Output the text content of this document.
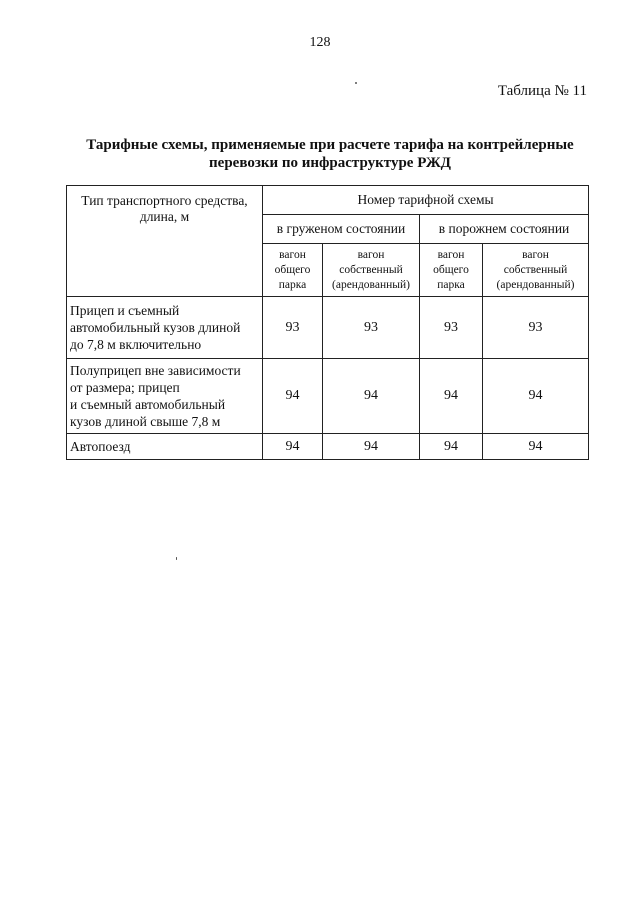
128
Таблица № 11
Тарифные схемы, применяемые при расчете тарифа на контрейлерные перевозки по инфраструктуре РЖД
Тип транспортного средства, длина, м	Номер тарифной схемы			
	в груженом состоянии		в порожнем состоянии	
	вагон
общего
парка	вагон
собственный
(арендованный)	вагон
общего
парка	вагон
собственный
(арендованный)
Прицеп и съемный
автомобильный кузов длиной
до 7,8 м включительно	93	93	93	93
Полуприцеп вне зависимости
от размера; прицеп
и съемный автомобильный
кузов длиной свыше 7,8 м	94	94	94	94
Автопоезд	94	94	94	94
